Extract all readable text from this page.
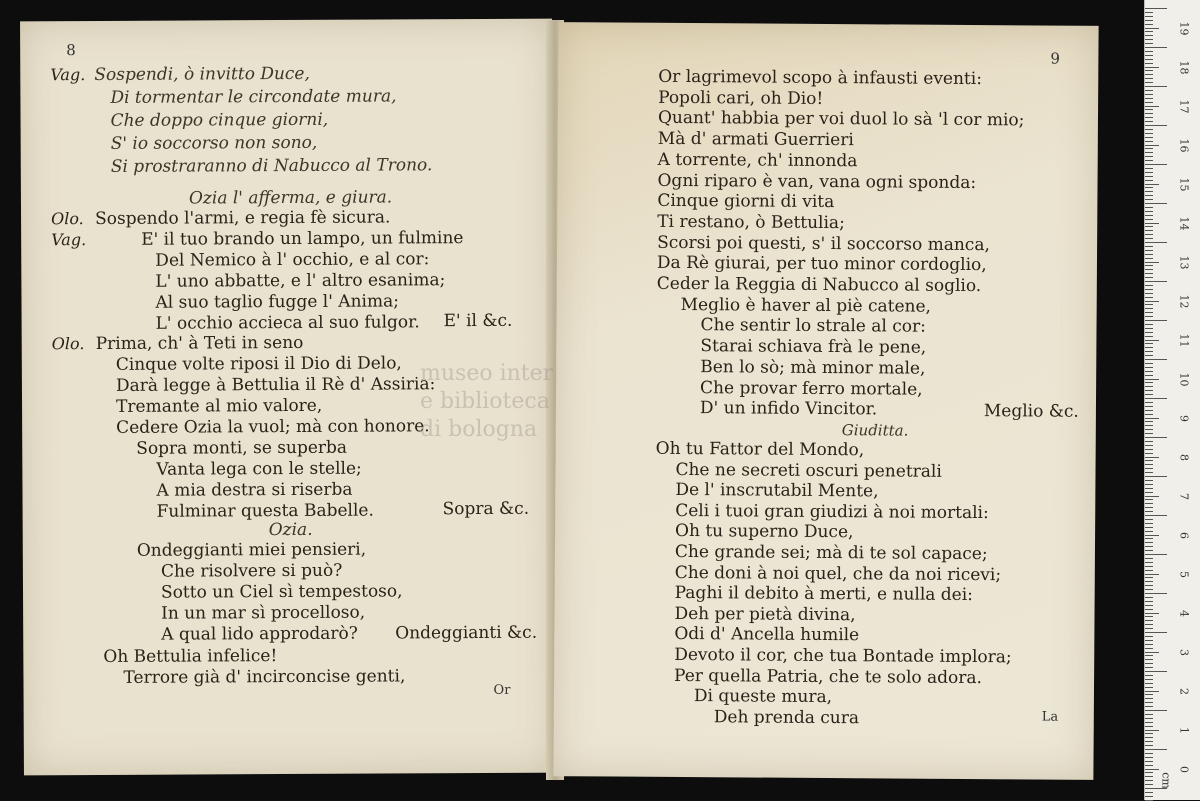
8
Vag. Sospendi, ò invitto Duce,
Di tormentar le circondate mura,
Che doppo cinque giorni,
S' io soccorso non sono,
Si prostraranno di Nabucco al Trono.
Ozia l' afferma, e giura.
Olo. Sospendo l'armi, e regia fè sicura.
Vag.	E' il tuo brando un lampo, un fulmine
Del Nemico à l' occhio, e al cor:
L' uno abbatte, e l' altro esanima;
Al suo taglio fugge l' Anima;
L' occhio accieca al suo fulgor. E' il &c.
Olo. Prima, ch' à Teti in seno
Cinque volte riposi il Dio di Delo,
Darà legge à Bettulia il Rè d' Assiria:
Tremante al mio valore,
Cedere Ozia la vuol; mà con honore.
Sopra monti, se superba
Vanta lega con le stelle;
A mia destra si riserba
Fulminar questa Babelle.	Sopra &c.
Ozia.
Ondeggianti miei pensieri,
Che risolvere si può?
Sotto un Ciel sì tempestoso,
In un mar sì procelloso,
A qual lido approdarò? Ondeggianti &c.
Oh Bettulia infelice!
Terrore già d' incirconcise genti,
Or
9
Or lagrimevol scopo à infausti eventi:
Popoli cari, oh Dio!
Quant' habbia per voi duol lo sà 'l cor mio;
Mà d' armati Guerrieri
A torrente, ch' innonda
Ogni riparo è van, vana ogni sponda:
Cinque giorni di vita
Ti restano, ò Bettulia;
Scorsi poi questi, s' il soccorso manca,
Da Rè giurai, per tuo minor cordoglio,
Ceder la Reggia di Nabucco al soglio.
Meglio è haver al piè catene,
Che sentir lo strale al cor:
Starai schiava frà le pene,
Ben lo sò; mà minor male,
Che provar ferro mortale,
D' un infido Vincitor.	Meglio &c.
Giuditta.
Oh tu Fattor del Mondo,
Che ne secreti oscuri penetrali
De l' inscrutabil Mente,
Celi i tuoi gran giudizi à noi mortali:
Oh tu superno Duce,
Che grande sei; mà di te sol capace;
Che doni à noi quel, che da noi ricevi;
Paghi il debito à merti, e nulla dei:
Deh per pietà divina,
Odi d' Ancella humile
Devoto il cor, che tua Bontade implora;
Per quella Patria, che te solo adora.
Di queste mura,
Deh prenda cura	La
museo inter
e biblioteca
di bologna
19
18
17
16
15
14
13
12
11
10
9
8
7
6
5
4
3
2
1
0
cm
